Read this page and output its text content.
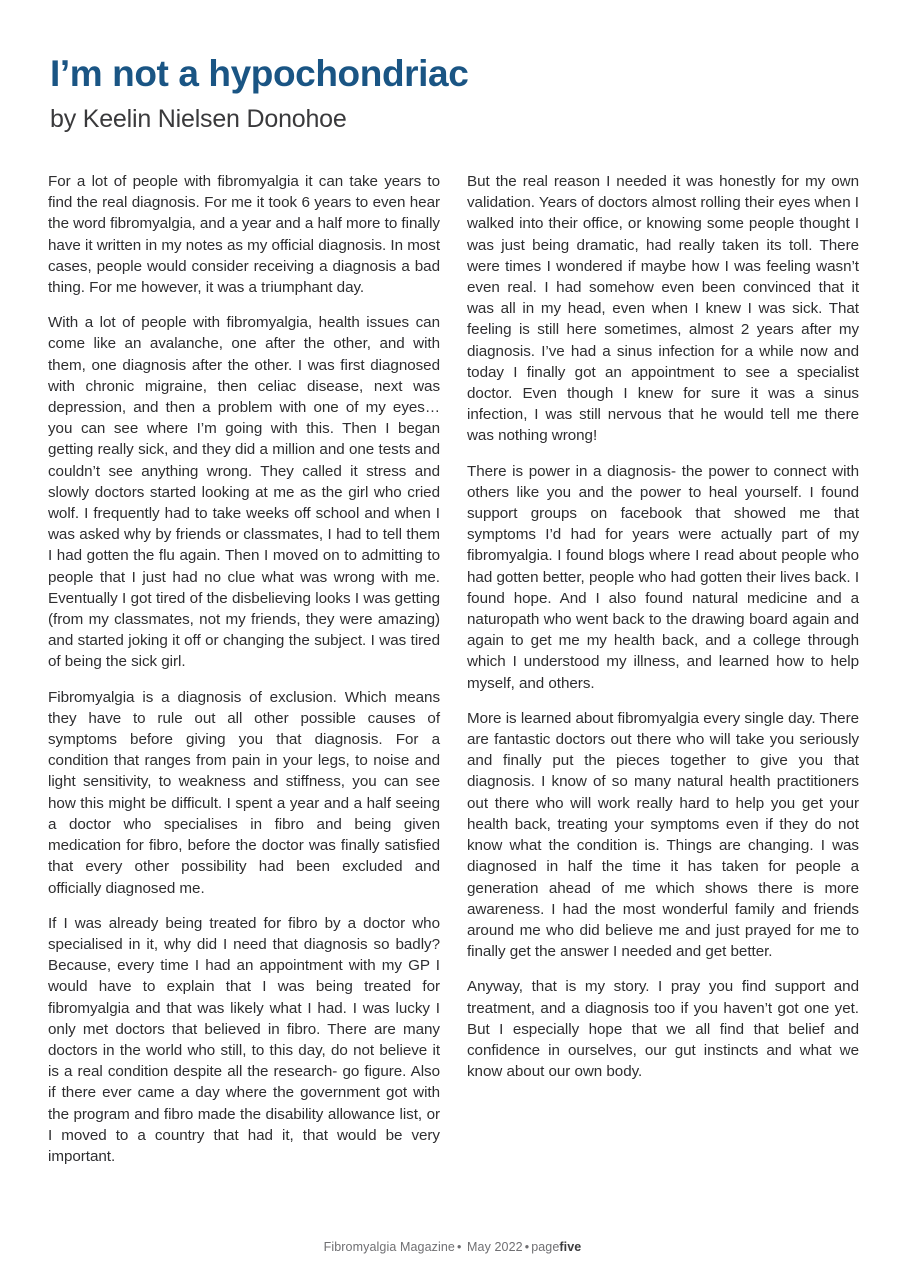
I’m not a hypochondriac

by Keelin Nielsen Donohoe

For a lot of people with fibromyalgia it can take years to find the real diagnosis. For me it took 6 years to even hear the word fibromyalgia, and a year and a half more to finally have it written in my notes as my official diagnosis. In most cases, people would consider receiving a diagnosis a bad thing. For me however, it was a triumphant day.

With a lot of people with fibromyalgia, health issues can come like an avalanche, one after the other, and with them, one diagnosis after the other. I was first diagnosed with chronic migraine, then celiac disease, next was depression, and then a problem with one of my eyes… you can see where I’m going with this. Then I began getting really sick, and they did a million and one tests and couldn’t see anything wrong. They called it stress and slowly doctors started looking at me as the girl who cried wolf. I frequently had to take weeks off school and when I was asked why by friends or classmates, I had to tell them I had gotten the flu again. Then I moved on to admitting to people that I just had no clue what was wrong with me. Eventually I got tired of the disbelieving looks I was getting (from my classmates, not my friends, they were amazing) and started joking it off or changing the subject. I was tired of being the sick girl.

Fibromyalgia is a diagnosis of exclusion. Which means they have to rule out all other possible causes of symptoms before giving you that diagnosis. For a condition that ranges from pain in your legs, to noise and light sensitivity, to weakness and stiffness, you can see how this might be difficult. I spent a year and a half seeing a doctor who specialises in fibro and being given medication for fibro, before the doctor was finally satisfied that every other possibility had been excluded and officially diagnosed me.

If I was already being treated for fibro by a doctor who specialised in it, why did I need that diagnosis so badly? Because, every time I had an appointment with my GP I would have to explain that I was being treated for fibromyalgia and that was likely what I had. I was lucky I only met doctors that believed in fibro. There are many doctors in the world who still, to this day, do not believe it is a real condition despite all the research- go figure. Also if there ever came a day where the government got with the program and fibro made the disability allowance list, or I moved to a country that had it, that would be very important.

But the real reason I needed it was honestly for my own validation. Years of doctors almost rolling their eyes when I walked into their office, or knowing some people thought I was just being dramatic, had really taken its toll. There were times I wondered if maybe how I was feeling wasn’t even real. I had somehow even been convinced that it was all in my head, even when I knew I was sick. That feeling is still here sometimes, almost 2 years after my diagnosis. I’ve had a sinus infection for a while now and today I finally got an appointment to see a specialist doctor. Even though I knew for sure it was a sinus infection, I was still nervous that he would tell me there was nothing wrong!

There is power in a diagnosis- the power to connect with others like you and the power to heal yourself. I found support groups on facebook that showed me that symptoms I’d had for years were actually part of my fibromyalgia. I found blogs where I read about people who had gotten better, people who had gotten their lives back. I found hope. And I also found natural medicine and a naturopath who went back to the drawing board again and again to get me my health back, and a college through which I understood my illness, and learned how to help myself, and others.

More is learned about fibromyalgia every single day. There are fantastic doctors out there who will take you seriously and finally put the pieces together to give you that diagnosis. I know of so many natural health practitioners out there who will work really hard to help you get your health back, treating your symptoms even if they do not know what the condition is. Things are changing. I was diagnosed in half the time it has taken for people a generation ahead of me which shows there is more awareness. I had the most wonderful family and friends around me who did believe me and just prayed for me to finally get the answer I needed and get better.

Anyway, that is my story. I pray you find support and treatment, and a diagnosis too if you haven’t got one yet. But I especially hope that we all find that belief and confidence in ourselves, our gut instincts and what we know about our own body.

Fibromyalgia Magazine • May 2022 • pagefive
